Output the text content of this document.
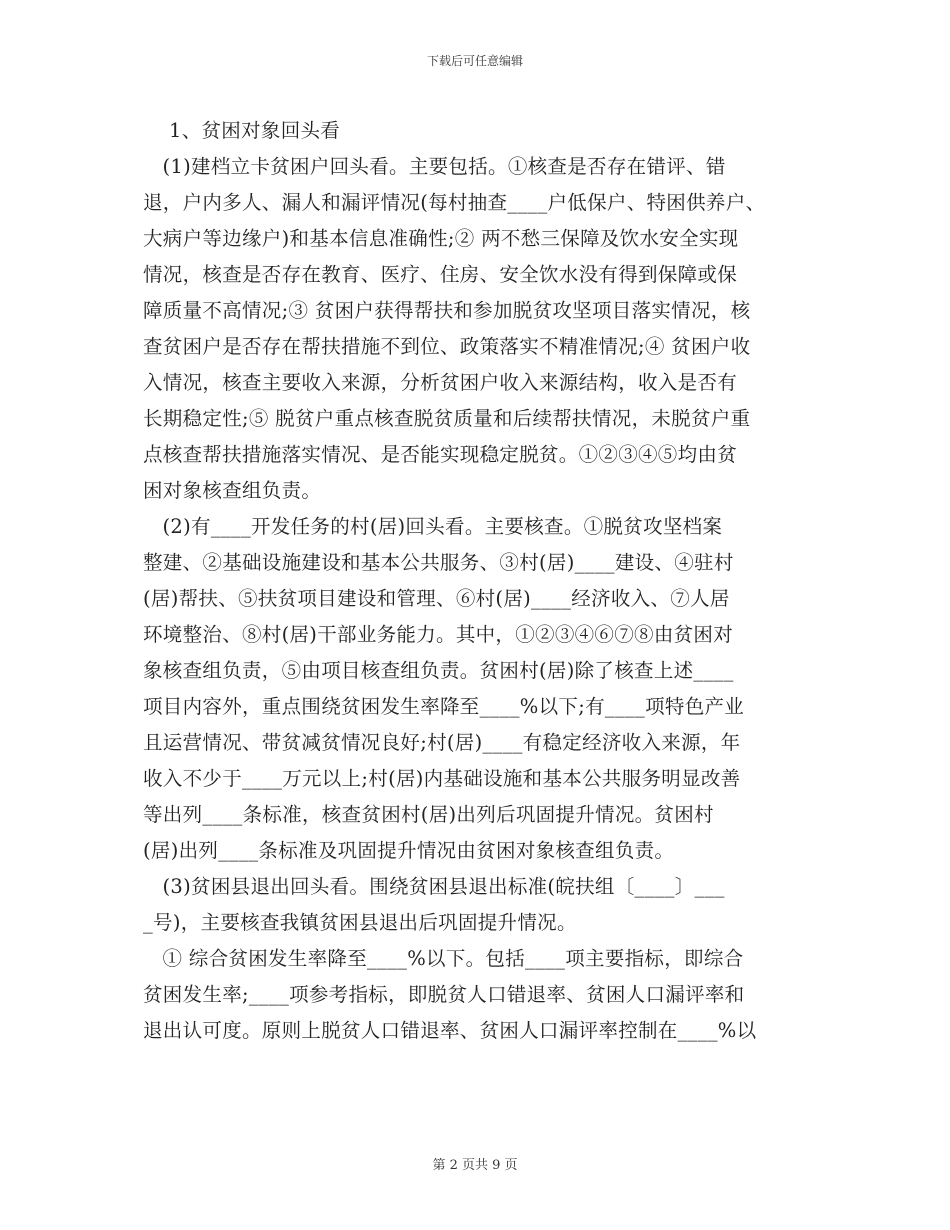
下载后可任意编辑
1、贫困对象回头看
(1)建档立卡贫困户回头看。主要包括。①核查是否存在错评、错
退，户内多人、漏人和漏评情况(每村抽查____户低保户、特困供养户、
大病户等边缘户)和基本信息准确性;② 两不愁三保障及饮水安全实现
情况，核查是否存在教育、医疗、住房、安全饮水没有得到保障或保
障质量不高情况;③ 贫困户获得帮扶和参加脱贫攻坚项目落实情况，核
查贫困户是否存在帮扶措施不到位、政策落实不精准情况;④ 贫困户收
入情况，核查主要收入来源，分析贫困户收入来源结构，收入是否有
长期稳定性;⑤ 脱贫户重点核查脱贫质量和后续帮扶情况，未脱贫户重
点核查帮扶措施落实情况、是否能实现稳定脱贫。①②③④⑤均由贫
困对象核查组负责。
(2)有____开发任务的村(居)回头看。主要核查。①脱贫攻坚档案
整建、②基础设施建设和基本公共服务、③村(居)____建设、④驻村
(居)帮扶、⑤扶贫项目建设和管理、⑥村(居)____经济收入、⑦人居
环境整治、⑧村(居)干部业务能力。其中，①②③④⑥⑦⑧由贫困对
象核查组负责，⑤由项目核查组负责。贫困村(居)除了核查上述____
项目内容外，重点围绕贫困发生率降至____%以下;有____项特色产业
且运营情况、带贫减贫情况良好;村(居)____有稳定经济收入来源，年
收入不少于____万元以上;村(居)内基础设施和基本公共服务明显改善
等出列____条标准，核查贫困村(居)出列后巩固提升情况。贫困村
(居)出列____条标准及巩固提升情况由贫困对象核查组负责。
(3)贫困县退出回头看。围绕贫困县退出标准(皖扶组〔____〕___
_号)，主要核查我镇贫困县退出后巩固提升情况。
① 综合贫困发生率降至____%以下。包括____项主要指标，即综合
贫困发生率;____项参考指标，即脱贫人口错退率、贫困人口漏评率和
退出认可度。原则上脱贫人口错退率、贫困人口漏评率控制在____%以
第 2 页共 9 页
